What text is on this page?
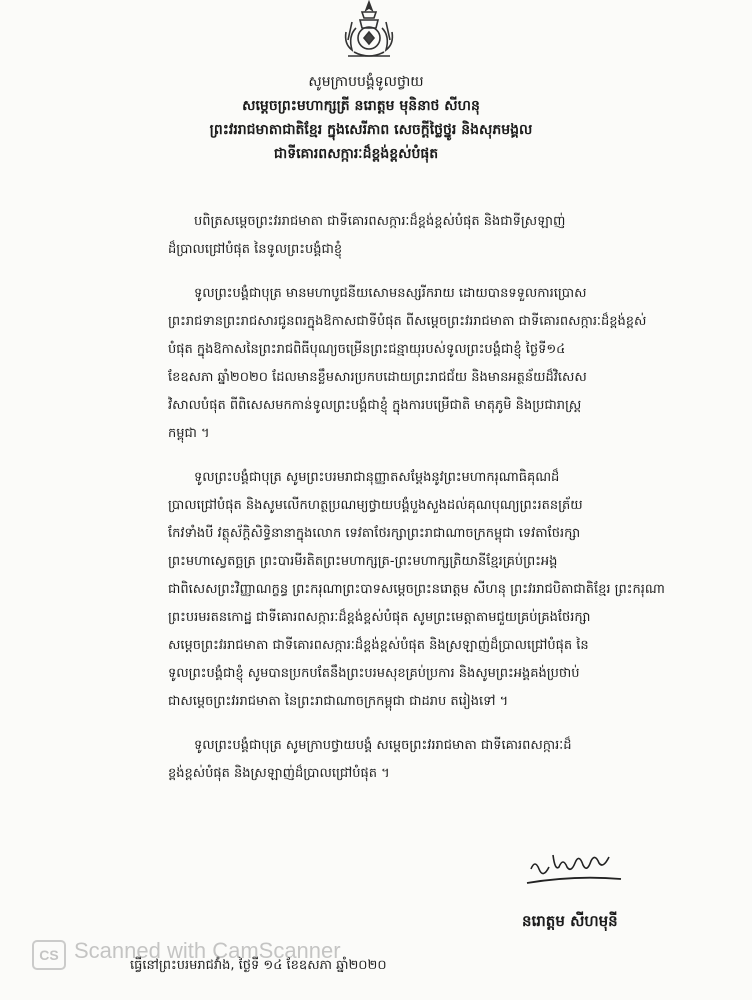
សូមក្រាបបង្គំទូលថ្វាយ
សម្តេចព្រះមហាក្សត្រី នរោត្តម មុនិនាថ សីហនុ
ព្រះវររាជមាតាជាតិខ្មែរ ក្នុងសេរីភាព សេចក្តីថ្លៃថ្នូរ និងសុភមង្គល
ជាទីគោរពសក្ការៈដ៏ខ្ពង់ខ្ពស់បំផុត
បពិត្រសម្តេចព្រះវររាជមាតា ជាទីគោរពសក្ការៈដ៏ខ្ពង់ខ្ពស់បំផុត និងជាទីស្រឡាញ់
ដ៏ប្រាលជ្រៅបំផុត នៃទូលព្រះបង្គំជាខ្ញុំ
ទូលព្រះបង្គំជាបុត្រ មានមហាបូជនីយសោមនស្សរីករាយ ដោយបានទទួលការប្រោស
ព្រះរាជទានព្រះរាជសារជូនពរក្នុងឱកាសជាទីបំផុត ពីសម្តេចព្រះវររាជមាតា ជាទីគោរពសក្ការៈដ៏ខ្ពង់ខ្ពស់
បំផុត ក្នុងឱកាសនៃព្រះរាជពិធីបុណ្យចម្រើនព្រះជន្មាយុរបស់ទូលព្រះបង្គំជាខ្ញុំ ថ្ងៃទី១៤
ខែឧសភា ឆ្នាំ២០២០ ដែលមានខ្លឹមសារប្រកបដោយព្រះរាជជ័យ និងមានអត្ថន័យដ៏វិសេស
វិសាលបំផុត ពីពិសេសមកកាន់ទូលព្រះបង្គំជាខ្ញុំ ក្នុងការបម្រើជាតិ មាតុភូមិ និងប្រជារាស្ត្រ
កម្ពុជា ។
ទូលព្រះបង្គំជាបុត្រ សូមព្រះបរមរាជានុញ្ញាតសម្តែងនូវព្រះមហាករុណាធិគុណដ៏
ប្រាលជ្រៅបំផុត និងសូមលើកហត្ថប្រណម្យថ្វាយបង្គំបួងសួងដល់គុណបុណ្យព្រះរតនត្រ័យ
កែវទាំងបី វត្ថុស័ក្តិសិទ្ធិនានាក្នុងលោក ទេវតាថែរក្សាព្រះរាជាណាចក្រកម្ពុជា ទេវតាថែរក្សា
ព្រះមហាស្វេតច្ឆត្រ ព្រះបារមីរតិតព្រះមហាក្សត្រ-ព្រះមហាក្សត្រិយានីខ្មែរគ្រប់ព្រះអង្គ
ជាពិសេសព្រះវិញ្ញាណក្ខន្ធ ព្រះករុណាព្រះបាទសម្តេចព្រះនរោត្តម សីហនុ ព្រះវររាជបិតាជាតិខ្មែរ ព្រះករុណា
ព្រះបរមរតនកោដ្ឋ ជាទីគោរពសក្ការៈដ៏ខ្ពង់ខ្ពស់បំផុត សូមព្រះមេត្តាតាមជួយគ្រប់គ្រងថែរក្សា
សម្តេចព្រះវររាជមាតា ជាទីគោរពសក្ការៈដ៏ខ្ពង់ខ្ពស់បំផុត និងស្រឡាញ់ដ៏ប្រាលជ្រៅបំផុត នៃ
ទូលព្រះបង្គំជាខ្ញុំ សូមបានប្រកបតែនឹងព្រះបរមសុខគ្រប់ប្រការ និងសូមព្រះអង្គគង់ប្រថាប់
ជាសម្តេចព្រះវររាជមាតា នៃព្រះរាជាណាចក្រកម្ពុជា ជាដរាប តរៀងទៅ ។
ទូលព្រះបង្គំជាបុត្រ សូមក្រាបថ្វាយបង្គំ សម្តេចព្រះវររាជមាតា ជាទីគោរពសក្ការៈដ៏
ខ្ពង់ខ្ពស់បំផុត និងស្រឡាញ់ដ៏ប្រាលជ្រៅបំផុត ។
នរោត្តម សីហមុនី
ធ្វើនៅព្រះបរមរាជវាំង, ថ្ងៃទី ១៤ ខែឧសភា ឆ្នាំ២០២០
CS Scanned with CamScanner
